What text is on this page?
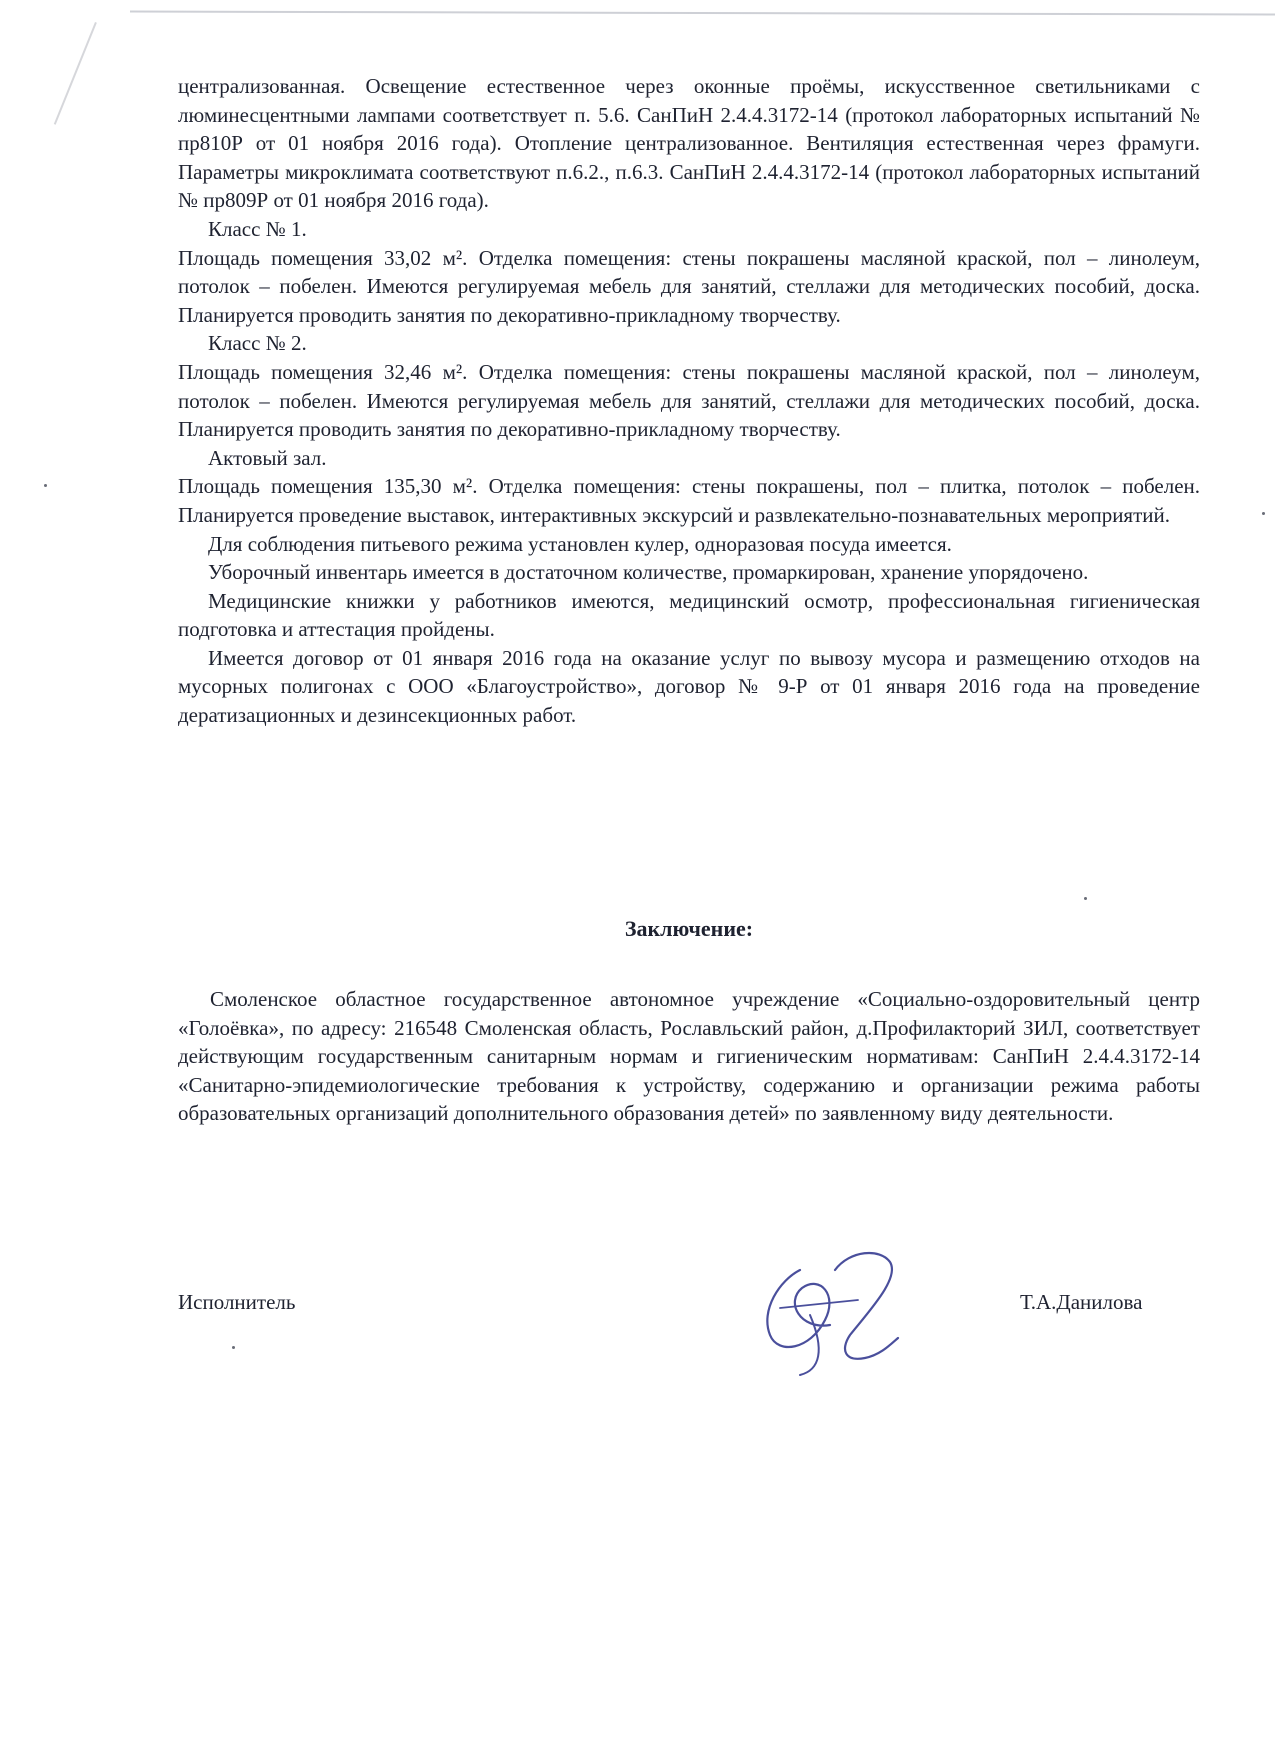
централизованная. Освещение естественное через оконные проёмы, искусственное светильниками с люминесцентными лампами соответствует п. 5.6. СанПиН 2.4.4.3172-14 (протокол лабораторных испытаний № пр810Р от 01 ноября 2016 года). Отопление централизованное. Вентиляция естественная через фрамуги. Параметры микроклимата соответствуют п.6.2., п.6.3. СанПиН 2.4.4.3172-14 (протокол лабораторных испытаний № пр809Р от 01 ноября 2016 года).

Класс № 1.

Площадь помещения 33,02 м². Отделка помещения: стены покрашены масляной краской, пол – линолеум, потолок – побелен. Имеются регулируемая мебель для занятий, стеллажи для методических пособий, доска. Планируется проводить занятия по декоративно-прикладному творчеству.

Класс № 2.

Площадь помещения 32,46 м². Отделка помещения: стены покрашены масляной краской, пол – линолеум, потолок – побелен. Имеются регулируемая мебель для занятий, стеллажи для методических пособий, доска. Планируется проводить занятия по декоративно-прикладному творчеству.

Актовый зал.

Площадь помещения 135,30 м². Отделка помещения: стены покрашены, пол – плитка, потолок – побелен. Планируется проведение выставок, интерактивных экскурсий и развлекательно-познавательных мероприятий.

Для соблюдения питьевого режима установлен кулер, одноразовая посуда имеется.

Уборочный инвентарь имеется в достаточном количестве, промаркирован, хранение упорядочено.

Медицинские книжки у работников имеются, медицинский осмотр, профессиональная гигиеническая подготовка и аттестация пройдены.

Имеется договор от 01 января 2016 года на оказание услуг по вывозу мусора и размещению отходов на мусорных полигонах с ООО «Благоустройство», договор № 9-Р от 01 января 2016 года на проведение дератизационных и дезинсекционных работ.

Заключение:

Смоленское областное государственное автономное учреждение «Социально-оздоровительный центр «Голоёвка», по адресу: 216548 Смоленская область, Рославльский район, д.Профилакторий ЗИЛ, соответствует действующим государственным санитарным нормам и гигиеническим нормативам: СанПиН 2.4.4.3172-14 «Санитарно-эпидемиологические требования к устройству, содержанию и организации режима работы образовательных организаций дополнительного образования детей» по заявленному виду деятельности.

Исполнитель	Т.А.Данилова
